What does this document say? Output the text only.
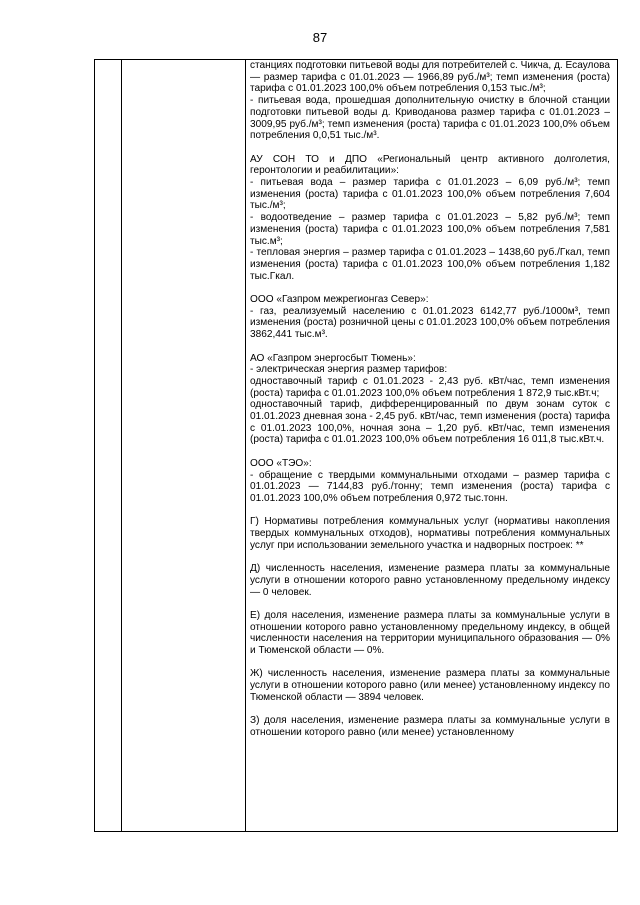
87

станциях подготовки питьевой воды для потребителей с. Чикча, д. Есаулова — размер тарифа с 01.01.2023 — 1966,89 руб./м³; темп изменения (роста) тарифа с 01.01.2023 100,0% объем потребления 0,153 тыс./м³;

- питьевая вода, прошедшая дополнительную очистку в блочной станции подготовки питьевой воды д. Криводанова размер тарифа с 01.01.2023 – 3009,95 руб./м³; темп изменения (роста) тарифа с 01.01.2023 100,0% объем потребления 0,0,51 тыс./м³.

АУ СОН ТО и ДПО «Региональный центр активного долголетия, геронтологии и реабилитации»:

- питьевая вода – размер тарифа с 01.01.2023 – 6,09 руб./м³; темп изменения (роста) тарифа с 01.01.2023 100,0% объем потребления 7,604 тыс./м³;

- водоотведение – размер тарифа с 01.01.2023 – 5,82 руб./м³; темп изменения (роста) тарифа с 01.01.2023 100,0% объем потребления 7,581 тыс.м³;

- тепловая энергия – размер тарифа с 01.01.2023 – 1438,60 руб./Гкал, темп изменения (роста) тарифа с 01.01.2023 100,0% объем потребления 1,182 тыс.Гкал.

ООО «Газпром межрегионгаз Север»:

- газ, реализуемый населению с 01.01.2023 6142,77 руб./1000м³, темп изменения (роста) розничной цены с 01.01.2023 100,0% объем потребления 3862,441 тыс.м³.

АО «Газпром энергосбыт Тюмень»:

- электрическая энергия размер тарифов:

одноставочный тариф с 01.01.2023 - 2,43 руб. кВт/час, темп изменения (роста) тарифа с 01.01.2023 100,0% объем потребления 1 872,9 тыс.кВт.ч;

одноставочный тариф, дифференцированный по двум зонам суток с 01.01.2023 дневная зона - 2,45 руб. кВт/час, темп изменения (роста) тарифа с 01.01.2023 100,0%, ночная зона – 1,20 руб. кВт/час, темп изменения (роста) тарифа с 01.01.2023 100,0% объем потребления 16 011,8 тыс.кВт.ч.

ООО «ТЭО»:

- обращение с твердыми коммунальными отходами – размер тарифа с 01.01.2023 — 7144,83 руб./тонну; темп изменения (роста) тарифа с 01.01.2023 100,0% объем потребления 0,972 тыс.тонн.

Г) Нормативы потребления коммунальных услуг (нормативы накопления твердых коммунальных отходов), нормативы потребления коммунальных услуг при использовании земельного участка и надворных построек: **

Д) численность населения, изменение размера платы за коммунальные услуги в отношении которого равно установленному предельному индексу — 0 человек.

Е) доля населения, изменение размера платы за коммунальные услуги в отношении которого равно установленному предельному индексу, в общей численности населения на территории муниципального образования — 0% и Тюменской области — 0%.

Ж) численность населения, изменение размера платы за коммунальные услуги в отношении которого равно (или менее) установленному индексу по Тюменской области — 3894 человек.

З) доля населения, изменение размера платы за коммунальные услуги в отношении которого равно (или менее) установленному
